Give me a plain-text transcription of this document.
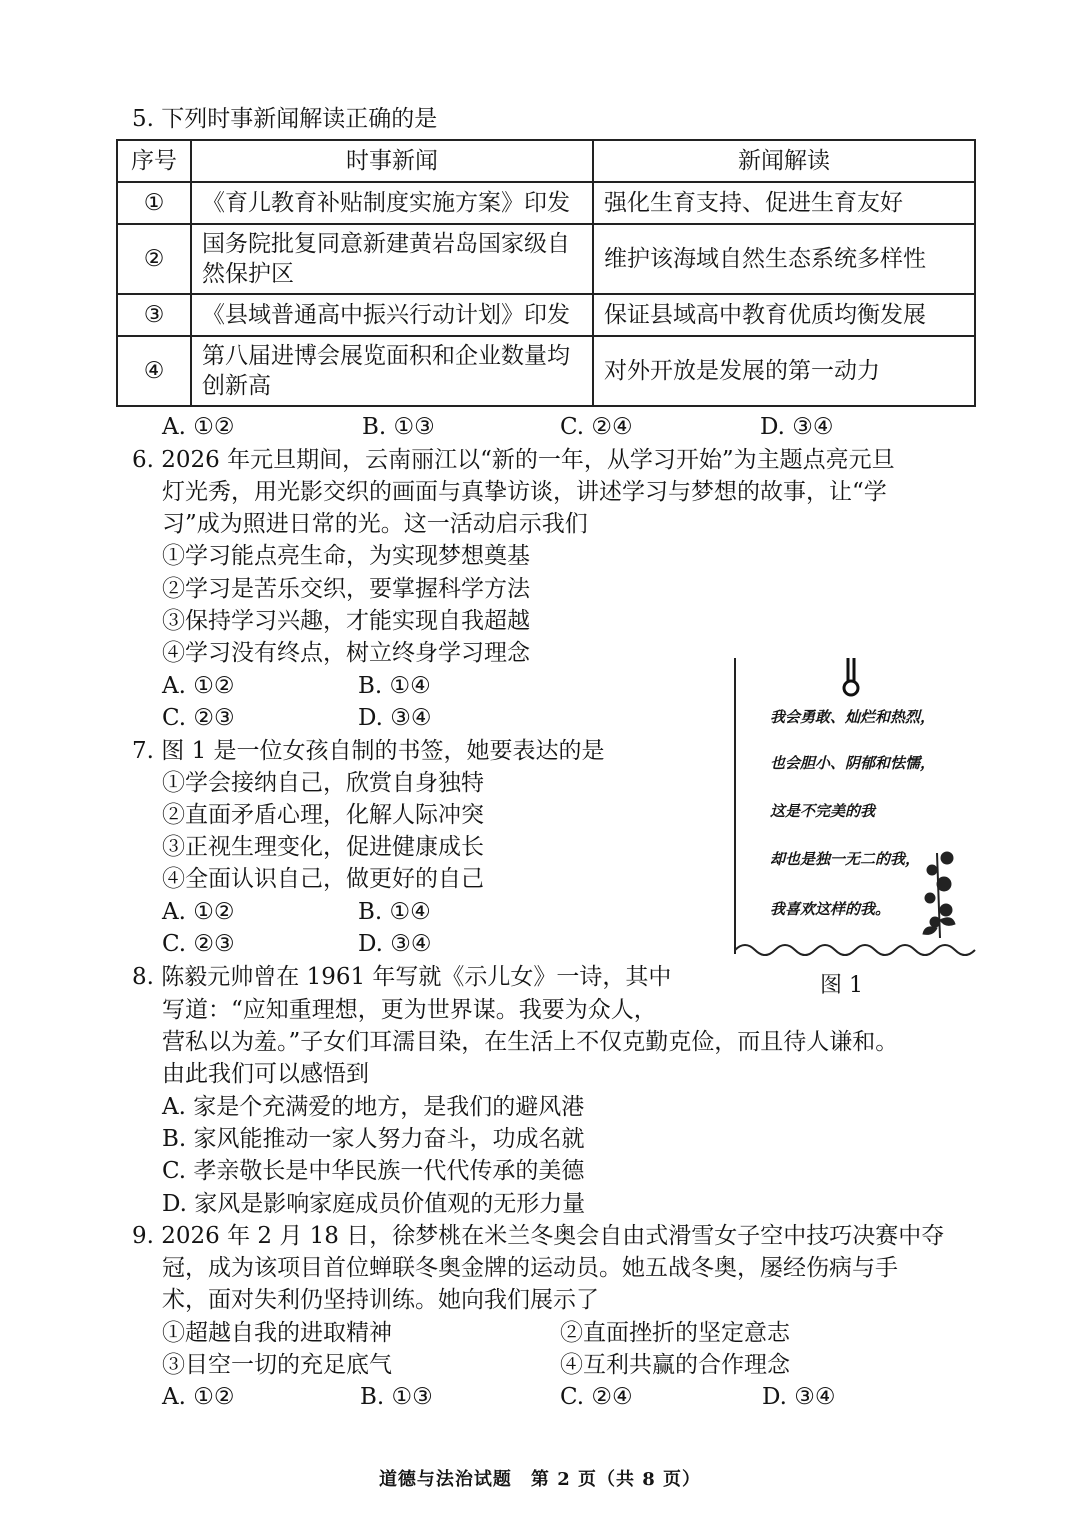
5. 下列时事新闻解读正确的是
序号	时事新闻	新闻解读
①	《育儿教育补贴制度实施方案》印发	强化生育支持、促进生育友好
②	国务院批复同意新建黄岩岛国家级自然保护区	维护该海域自然生态系统多样性
③	《县域普通高中振兴行动计划》印发	保证县域高中教育优质均衡发展
④	第八届进博会展览面积和企业数量均创新高	对外开放是发展的第一动力
A. ①②	B. ①③	C. ②④	D. ③④
6. 2026 年元旦期间，云南丽江以“新的一年，从学习开始”为主题点亮元旦
灯光秀，用光影交织的画面与真挚访谈，讲述学习与梦想的故事，让“学
习”成为照进日常的光。这一活动启示我们
①学习能点亮生命，为实现梦想奠基
②学习是苦乐交织，要掌握科学方法
③保持学习兴趣，才能实现自我超越
④学习没有终点，树立终身学习理念
A. ①②	B. ①④
C. ②③	D. ③④
7. 图 1 是一位女孩自制的书签，她要表达的是
①学会接纳自己，欣赏自身独特
②直面矛盾心理，化解人际冲突
③正视生理变化，促进健康成长
④全面认识自己，做更好的自己
A. ①②	B. ①④
C. ②③	D. ③④
我会勇敢、灿烂和热烈，
也会胆小、阴郁和怯懦，
这是不完美的我
却也是独一无二的我，
我喜欢这样的我。
图 1
8. 陈毅元帅曾在 1961 年写就《示儿女》一诗，其中
写道：“应知重理想，更为世界谋。我要为众人，
营私以为羞。”子女们耳濡目染，在生活上不仅克勤克俭，而且待人谦和。
由此我们可以感悟到
A. 家是个充满爱的地方，是我们的避风港
B. 家风能推动一家人努力奋斗，功成名就
C. 孝亲敬长是中华民族一代代传承的美德
D. 家风是影响家庭成员价值观的无形力量
9. 2026 年 2 月 18 日，徐梦桃在米兰冬奥会自由式滑雪女子空中技巧决赛中夺
冠，成为该项目首位蝉联冬奥金牌的运动员。她五战冬奥，屡经伤病与手
术，面对失利仍坚持训练。她向我们展示了
①超越自我的进取精神	②直面挫折的坚定意志
③目空一切的充足底气	④互利共赢的合作理念
A. ①②	B. ①③	C. ②④	D. ③④
道德与法治试题　第 2 页（共 8 页）
